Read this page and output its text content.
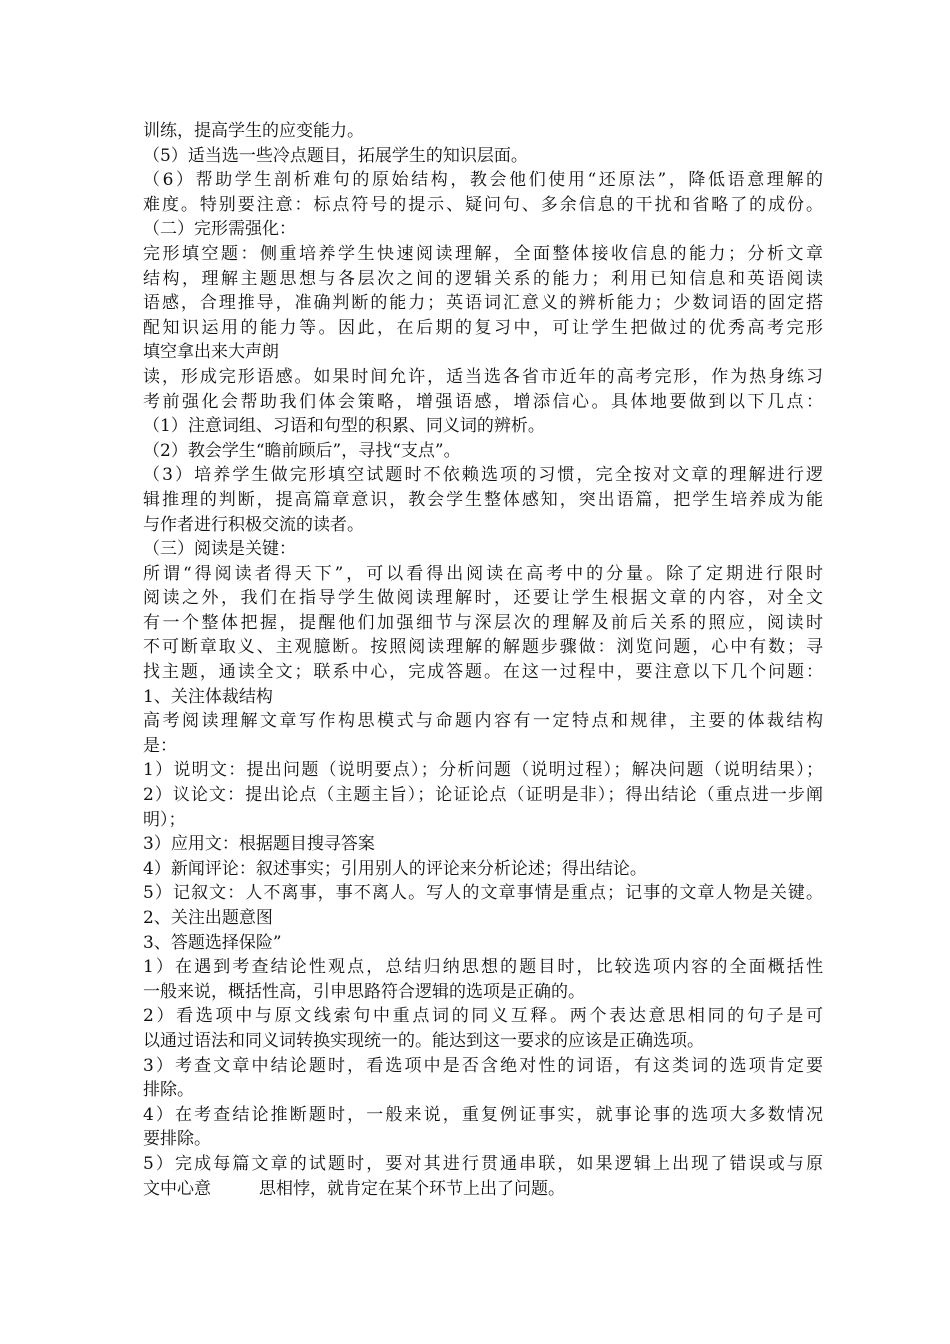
训练，提高学生的应变能力。
（5）适当选一些冷点题目，拓展学生的知识层面。
（6）帮助学生剖析难句的原始结构，教会他们使用“还原法”，降低语意理解的
难度。特别要注意：标点符号的提示、疑问句、多余信息的干扰和省略了的成份。
（二）完形需强化：
完形填空题：侧重培养学生快速阅读理解，全面整体接收信息的能力；分析文章
结构，理解主题思想与各层次之间的逻辑关系的能力；利用已知信息和英语阅读
语感，合理推导，准确判断的能力；英语词汇意义的辨析能力；少数词语的固定搭
配知识运用的能力等。因此，在后期的复习中，可让学生把做过的优秀高考完形
填空拿出来大声朗
读，形成完形语感。如果时间允许，适当选各省市近年的高考完形，作为热身练习
考前强化会帮助我们体会策略，增强语感，增添信心。具体地要做到以下几点：
（1）注意词组、习语和句型的积累、同义词的辨析。
（2）教会学生“瞻前顾后”，寻找“支点”。
（3）培养学生做完形填空试题时不依赖选项的习惯，完全按对文章的理解进行逻
辑推理的判断，提高篇章意识，教会学生整体感知，突出语篇，把学生培养成为能
与作者进行积极交流的读者。
（三）阅读是关键：
所谓“得阅读者得天下”，可以看得出阅读在高考中的分量。除了定期进行限时
阅读之外，我们在指导学生做阅读理解时，还要让学生根据文章的内容，对全文
有一个整体把握，提醒他们加强细节与深层次的理解及前后关系的照应，阅读时
不可断章取义、主观臆断。按照阅读理解的解题步骤做：浏览问题，心中有数；寻
找主题，通读全文；联系中心，完成答题。在这一过程中，要注意以下几个问题：
1、关注体裁结构
高考阅读理解文章写作构思模式与命题内容有一定特点和规律，主要的体裁结构
是：
1）说明文：提出问题（说明要点）；分析问题（说明过程）；解决问题（说明结果）；
2）议论文：提出论点（主题主旨）；论证论点（证明是非）；得出结论（重点进一步阐
明）；
3）应用文：根据题目搜寻答案
4）新闻评论：叙述事实；引用别人的评论来分析论述；得出结论。
5）记叙文：人不离事，事不离人。写人的文章事情是重点；记事的文章人物是关键。
2、关注出题意图
3、答题选择保险”
1）在遇到考查结论性观点，总结归纳思想的题目时，比较选项内容的全面概括性
一般来说，概括性高，引申思路符合逻辑的选项是正确的。
2）看选项中与原文线索句中重点词的同义互释。两个表达意思相同的句子是可
以通过语法和同义词转换实现统一的。能达到这一要求的应该是正确选项。
3）考查文章中结论题时，看选项中是否含绝对性的词语，有这类词的选项肯定要
排除。
4）在考查结论推断题时，一般来说，重复例证事实，就事论事的选项大多数情况
要排除。
5）完成每篇文章的试题时，要对其进行贯通串联，如果逻辑上出现了错误或与原
文中心意	思相悖，就肯定在某个环节上出了问题。
